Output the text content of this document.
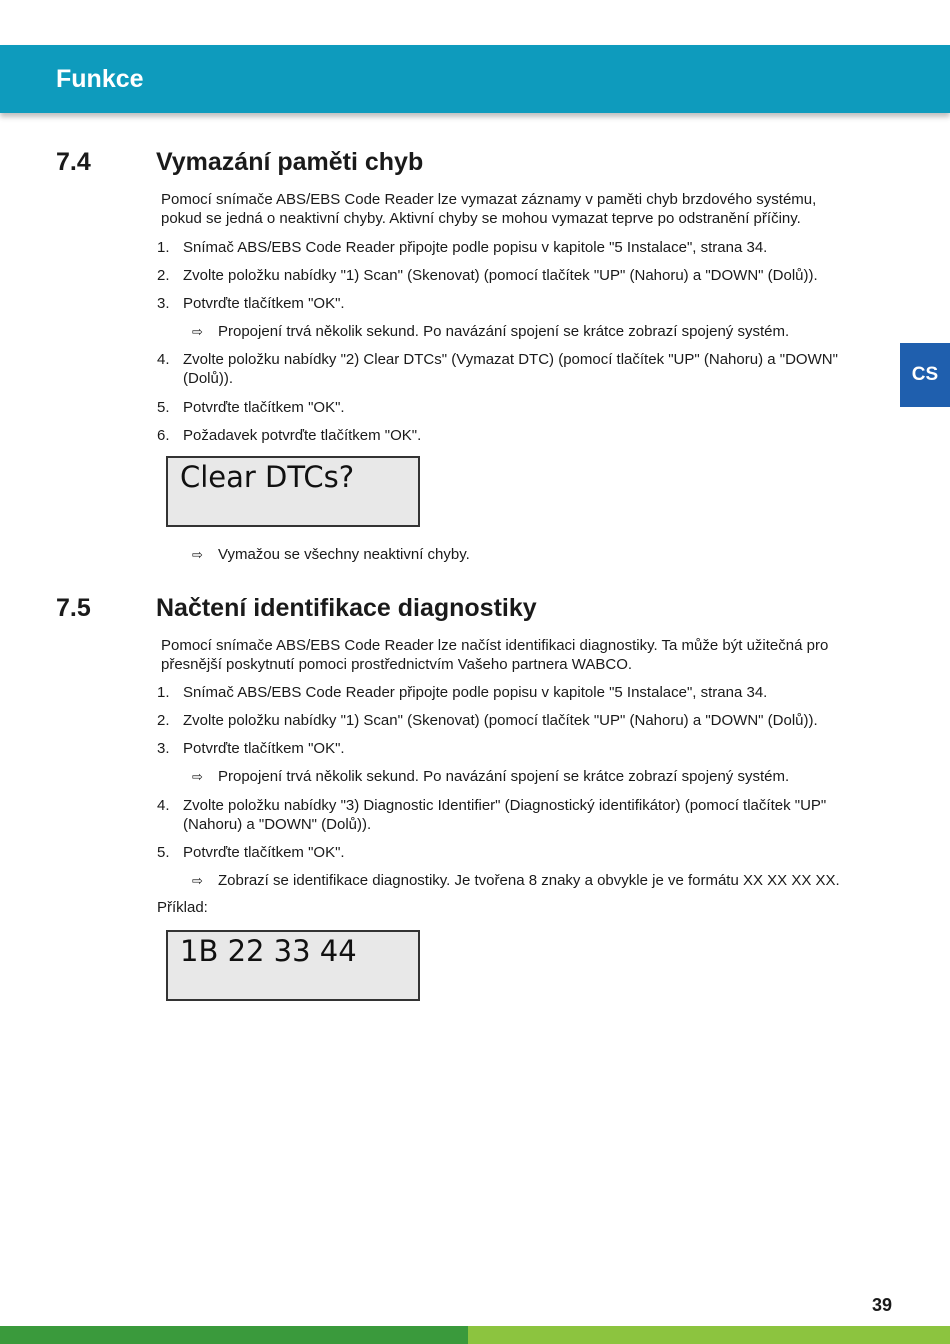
Funkce
CS
7.4	Vymazání paměti chyb
Pomocí snímače ABS/EBS Code Reader lze vymazat záznamy v paměti chyb brzdového systému,
pokud se jedná o neaktivní chyby. Aktivní chyby se mohou vymazat teprve po odstranění příčiny.
1. Snímač ABS/EBS Code Reader připojte podle popisu v kapitole "5 Instalace", strana 34.
2. Zvolte položku nabídky "1) Scan" (Skenovat) (pomocí tlačítek "UP" (Nahoru) a "DOWN" (Dolů)).
3. Potvrďte tlačítkem "OK".
⇨ Propojení trvá několik sekund. Po navázání spojení se krátce zobrazí spojený systém.
4. Zvolte položku nabídky "2) Clear DTCs" (Vymazat DTC) (pomocí tlačítek "UP" (Nahoru) a "DOWN"
(Dolů)).
5. Potvrďte tlačítkem "OK".
6. Požadavek potvrďte tlačítkem "OK".
Clear DTCs?
⇨ Vymažou se všechny neaktivní chyby.
7.5	Načtení identifikace diagnostiky
Pomocí snímače ABS/EBS Code Reader lze načíst identifikaci diagnostiky. Ta může být užitečná pro
přesnější poskytnutí pomoci prostřednictvím Vašeho partnera WABCO.
1. Snímač ABS/EBS Code Reader připojte podle popisu v kapitole "5 Instalace", strana 34.
2. Zvolte položku nabídky "1) Scan" (Skenovat) (pomocí tlačítek "UP" (Nahoru) a "DOWN" (Dolů)).
3. Potvrďte tlačítkem "OK".
⇨ Propojení trvá několik sekund. Po navázání spojení se krátce zobrazí spojený systém.
4. Zvolte položku nabídky "3) Diagnostic Identifier" (Diagnostický identifikátor) (pomocí tlačítek "UP"
(Nahoru) a "DOWN" (Dolů)).
5. Potvrďte tlačítkem "OK".
⇨ Zobrazí se identifikace diagnostiky. Je tvořena 8 znaky a obvykle je ve formátu XX XX XX XX.
Příklad:
1B 22 33 44
39
